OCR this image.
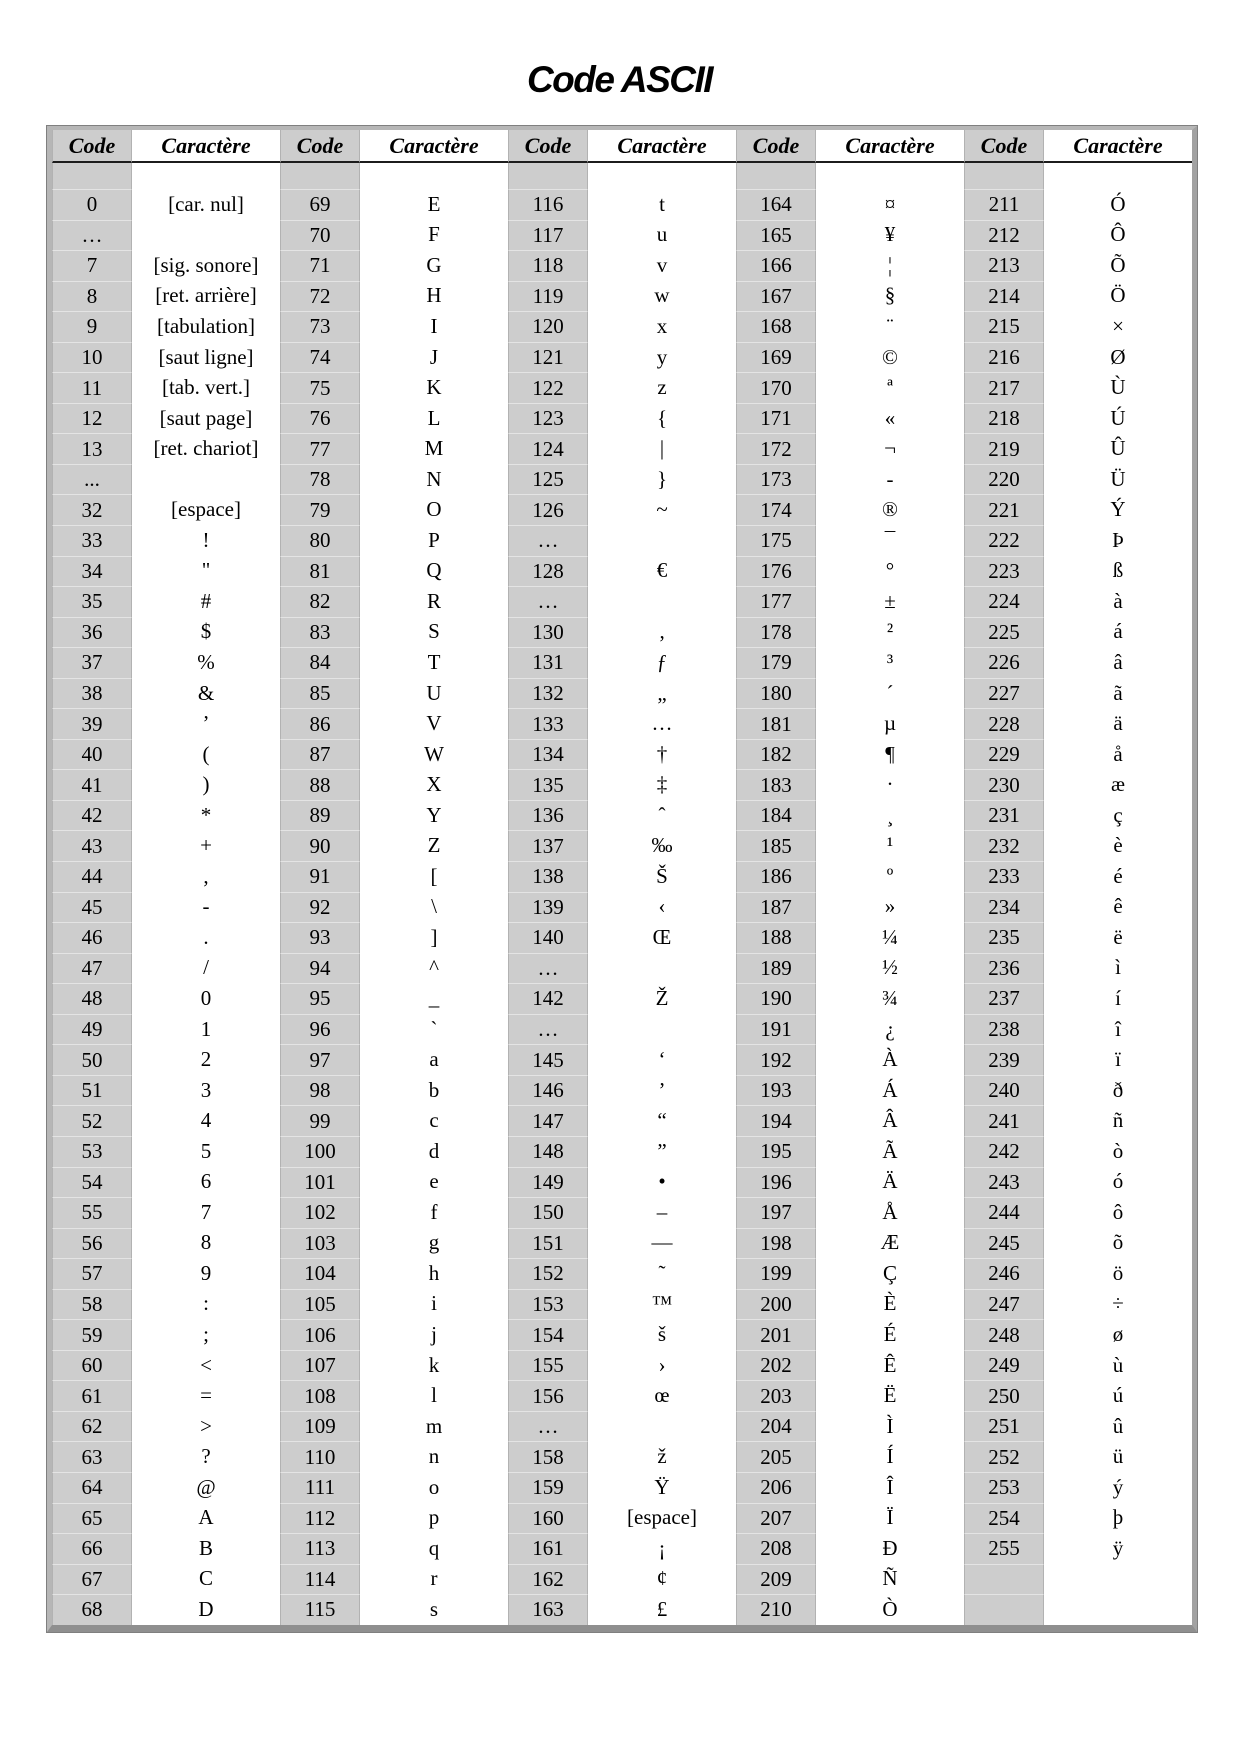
Code ASCII
Code	Caractère	Code	Caractère	Code	Caractère	Code	Caractère	Code	Caractère

0	[car. nul]	69	E	116	t	164	¤	211	Ó
…		70	F	117	u	165	¥	212	Ô
7	[sig. sonore]	71	G	118	v	166	¦	213	Õ
8	[ret. arrière]	72	H	119	w	167	§	214	Ö
9	[tabulation]	73	I	120	x	168	¨	215	×
10	[saut ligne]	74	J	121	y	169	©	216	Ø
11	[tab. vert.]	75	K	122	z	170	ª	217	Ù
12	[saut page]	76	L	123	{	171	«	218	Ú
13	[ret. chariot]	77	M	124	|	172	¬	219	Û
...		78	N	125	}	173	-	220	Ü
32	[espace]	79	O	126	~	174	®	221	Ý
33	!	80	P	…		175	¯	222	Þ
34	"	81	Q	128	€	176	°	223	ß
35	#	82	R	…		177	±	224	à
36	$	83	S	130	‚	178	²	225	á
37	%	84	T	131	ƒ	179	³	226	â
38	&	85	U	132	„	180	´	227	ã
39	’	86	V	133	…	181	µ	228	ä
40	(	87	W	134	†	182	¶	229	å
41	)	88	X	135	‡	183	·	230	æ
42	*	89	Y	136	ˆ	184	¸	231	ç
43	+	90	Z	137	‰	185	¹	232	è
44	,	91	[	138	Š	186	º	233	é
45	-	92	\	139	‹	187	»	234	ê
46	.	93	]	140	Œ	188	¼	235	ë
47	/	94	^	…		189	½	236	ì
48	0	95	_	142	Ž	190	¾	237	í
49	1	96	`	…		191	¿	238	î
50	2	97	a	145	‘	192	À	239	ï
51	3	98	b	146	’	193	Á	240	ð
52	4	99	c	147	“	194	Â	241	ñ
53	5	100	d	148	”	195	Ã	242	ò
54	6	101	e	149	•	196	Ä	243	ó
55	7	102	f	150	–	197	Å	244	ô
56	8	103	g	151	—	198	Æ	245	õ
57	9	104	h	152	˜	199	Ç	246	ö
58	:	105	i	153	™	200	È	247	÷
59	;	106	j	154	š	201	É	248	ø
60	<	107	k	155	›	202	Ê	249	ù
61	=	108	l	156	œ	203	Ë	250	ú
62	>	109	m	…		204	Ì	251	û
63	?	110	n	158	ž	205	Í	252	ü
64	@	111	o	159	Ÿ	206	Î	253	ý
65	A	112	p	160	[espace]	207	Ï	254	þ
66	B	113	q	161	¡	208	Ð	255	ÿ
67	C	114	r	162	¢	209	Ñ		
68	D	115	s	163	£	210	Ò		
